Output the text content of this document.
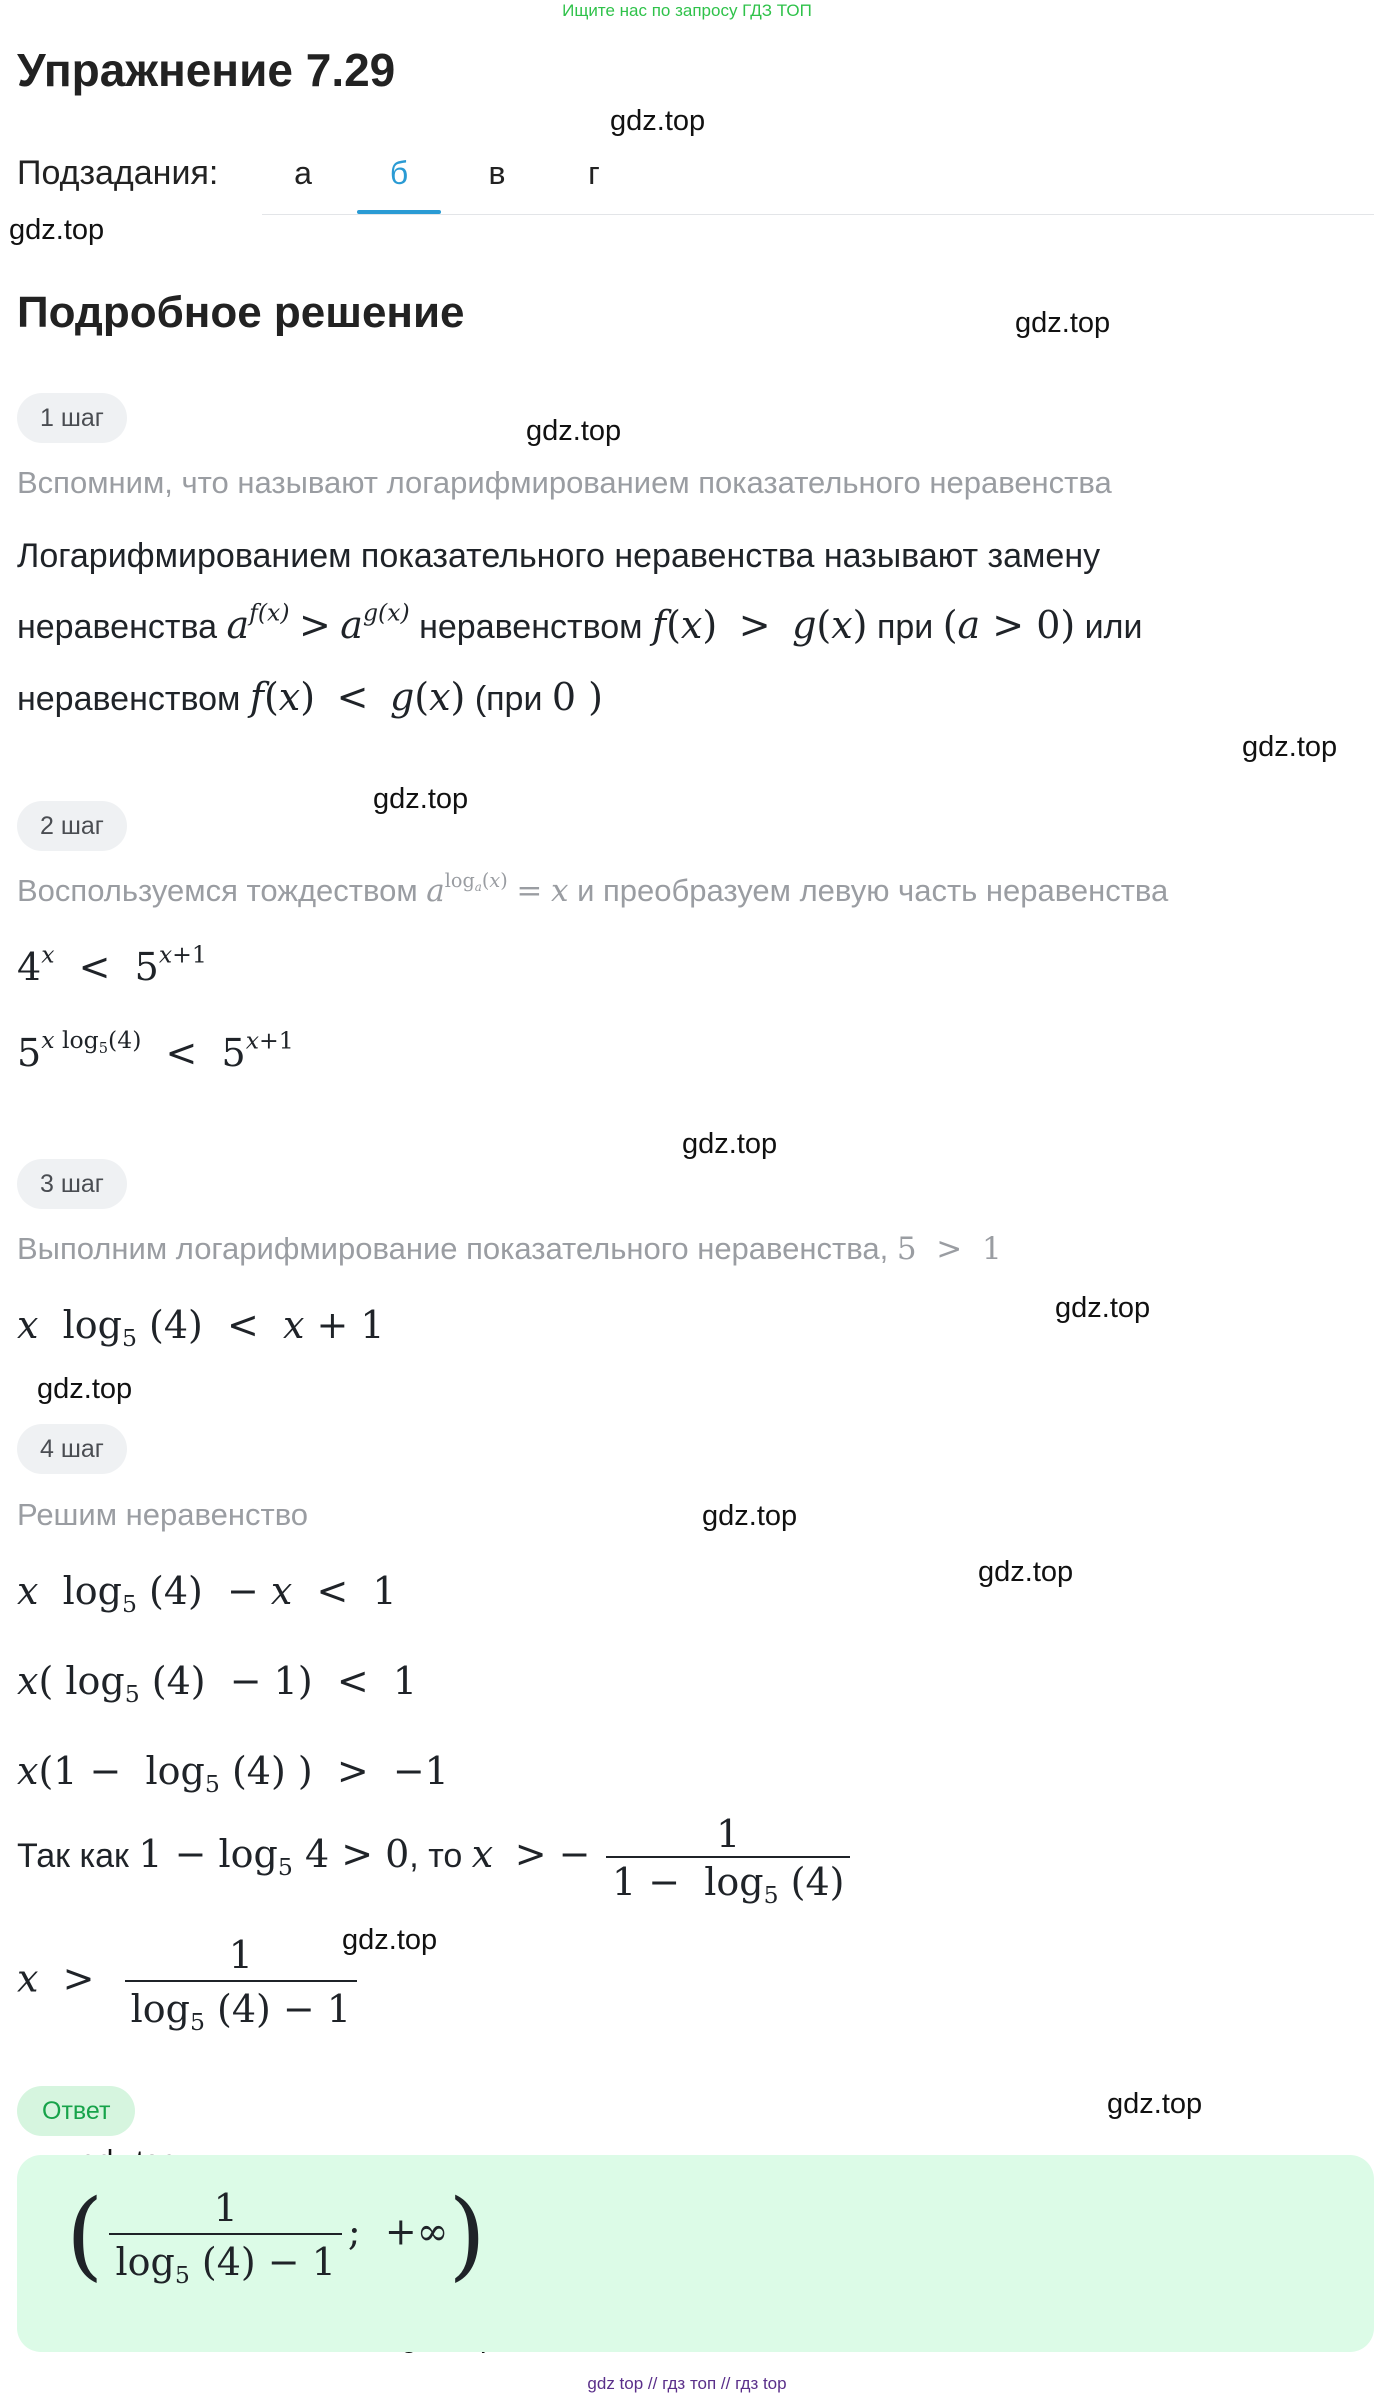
Ищите нас по запросу ГДЗ ТОП
Упражнение 7.29
gdz.top
gdz.top
gdz.top
gdz.top
gdz.top
gdz.top
gdz.top
gdz.top
gdz.top
gdz.top
gdz.top
gdz.top
gdz.top
Подзадания:	а	б	в	г
Подробное решение
1 шаг
Вспомним, что называют логарифмированием показательного неравенства
Логарифмированием показательного неравенства называют замену
неравенства $a^{f(x)} > a^{g(x)}$ неравенством f(x)  >  g(x) при (a > 0) или
неравенством f(x)  <  g(x) (при 0 )
2 шаг
Воспользуемся тождеством $a^{log_a(x)} = x$ и преобразуем левую часть неравенства
$4^x < 5^{x+1}$
$5^{x log_5(4)} < 5^{x+1}$
3 шаг
Выполним логарифмирование показательного неравенства, 5  >  1
x  $\log_5 (4) < x + 1$
4 шаг
Решим неравенство
x  $\log_5 (4) - x < 1$
x( $\log_5 (4) - 1) < 1$
$x(1 - \log_5 (4)$ )  >  −1
Так как $1 - \log_5 4 > 0$, то x  > − $\frac{1}{1 - \log_5 (4)}$
$x > \frac{1}{\log_5 (4) - 1}$
Ответ
( $\frac{1}{\log_5 (4) - 1}$ ;  +∞)
gdz top // гдз топ // гдз top
